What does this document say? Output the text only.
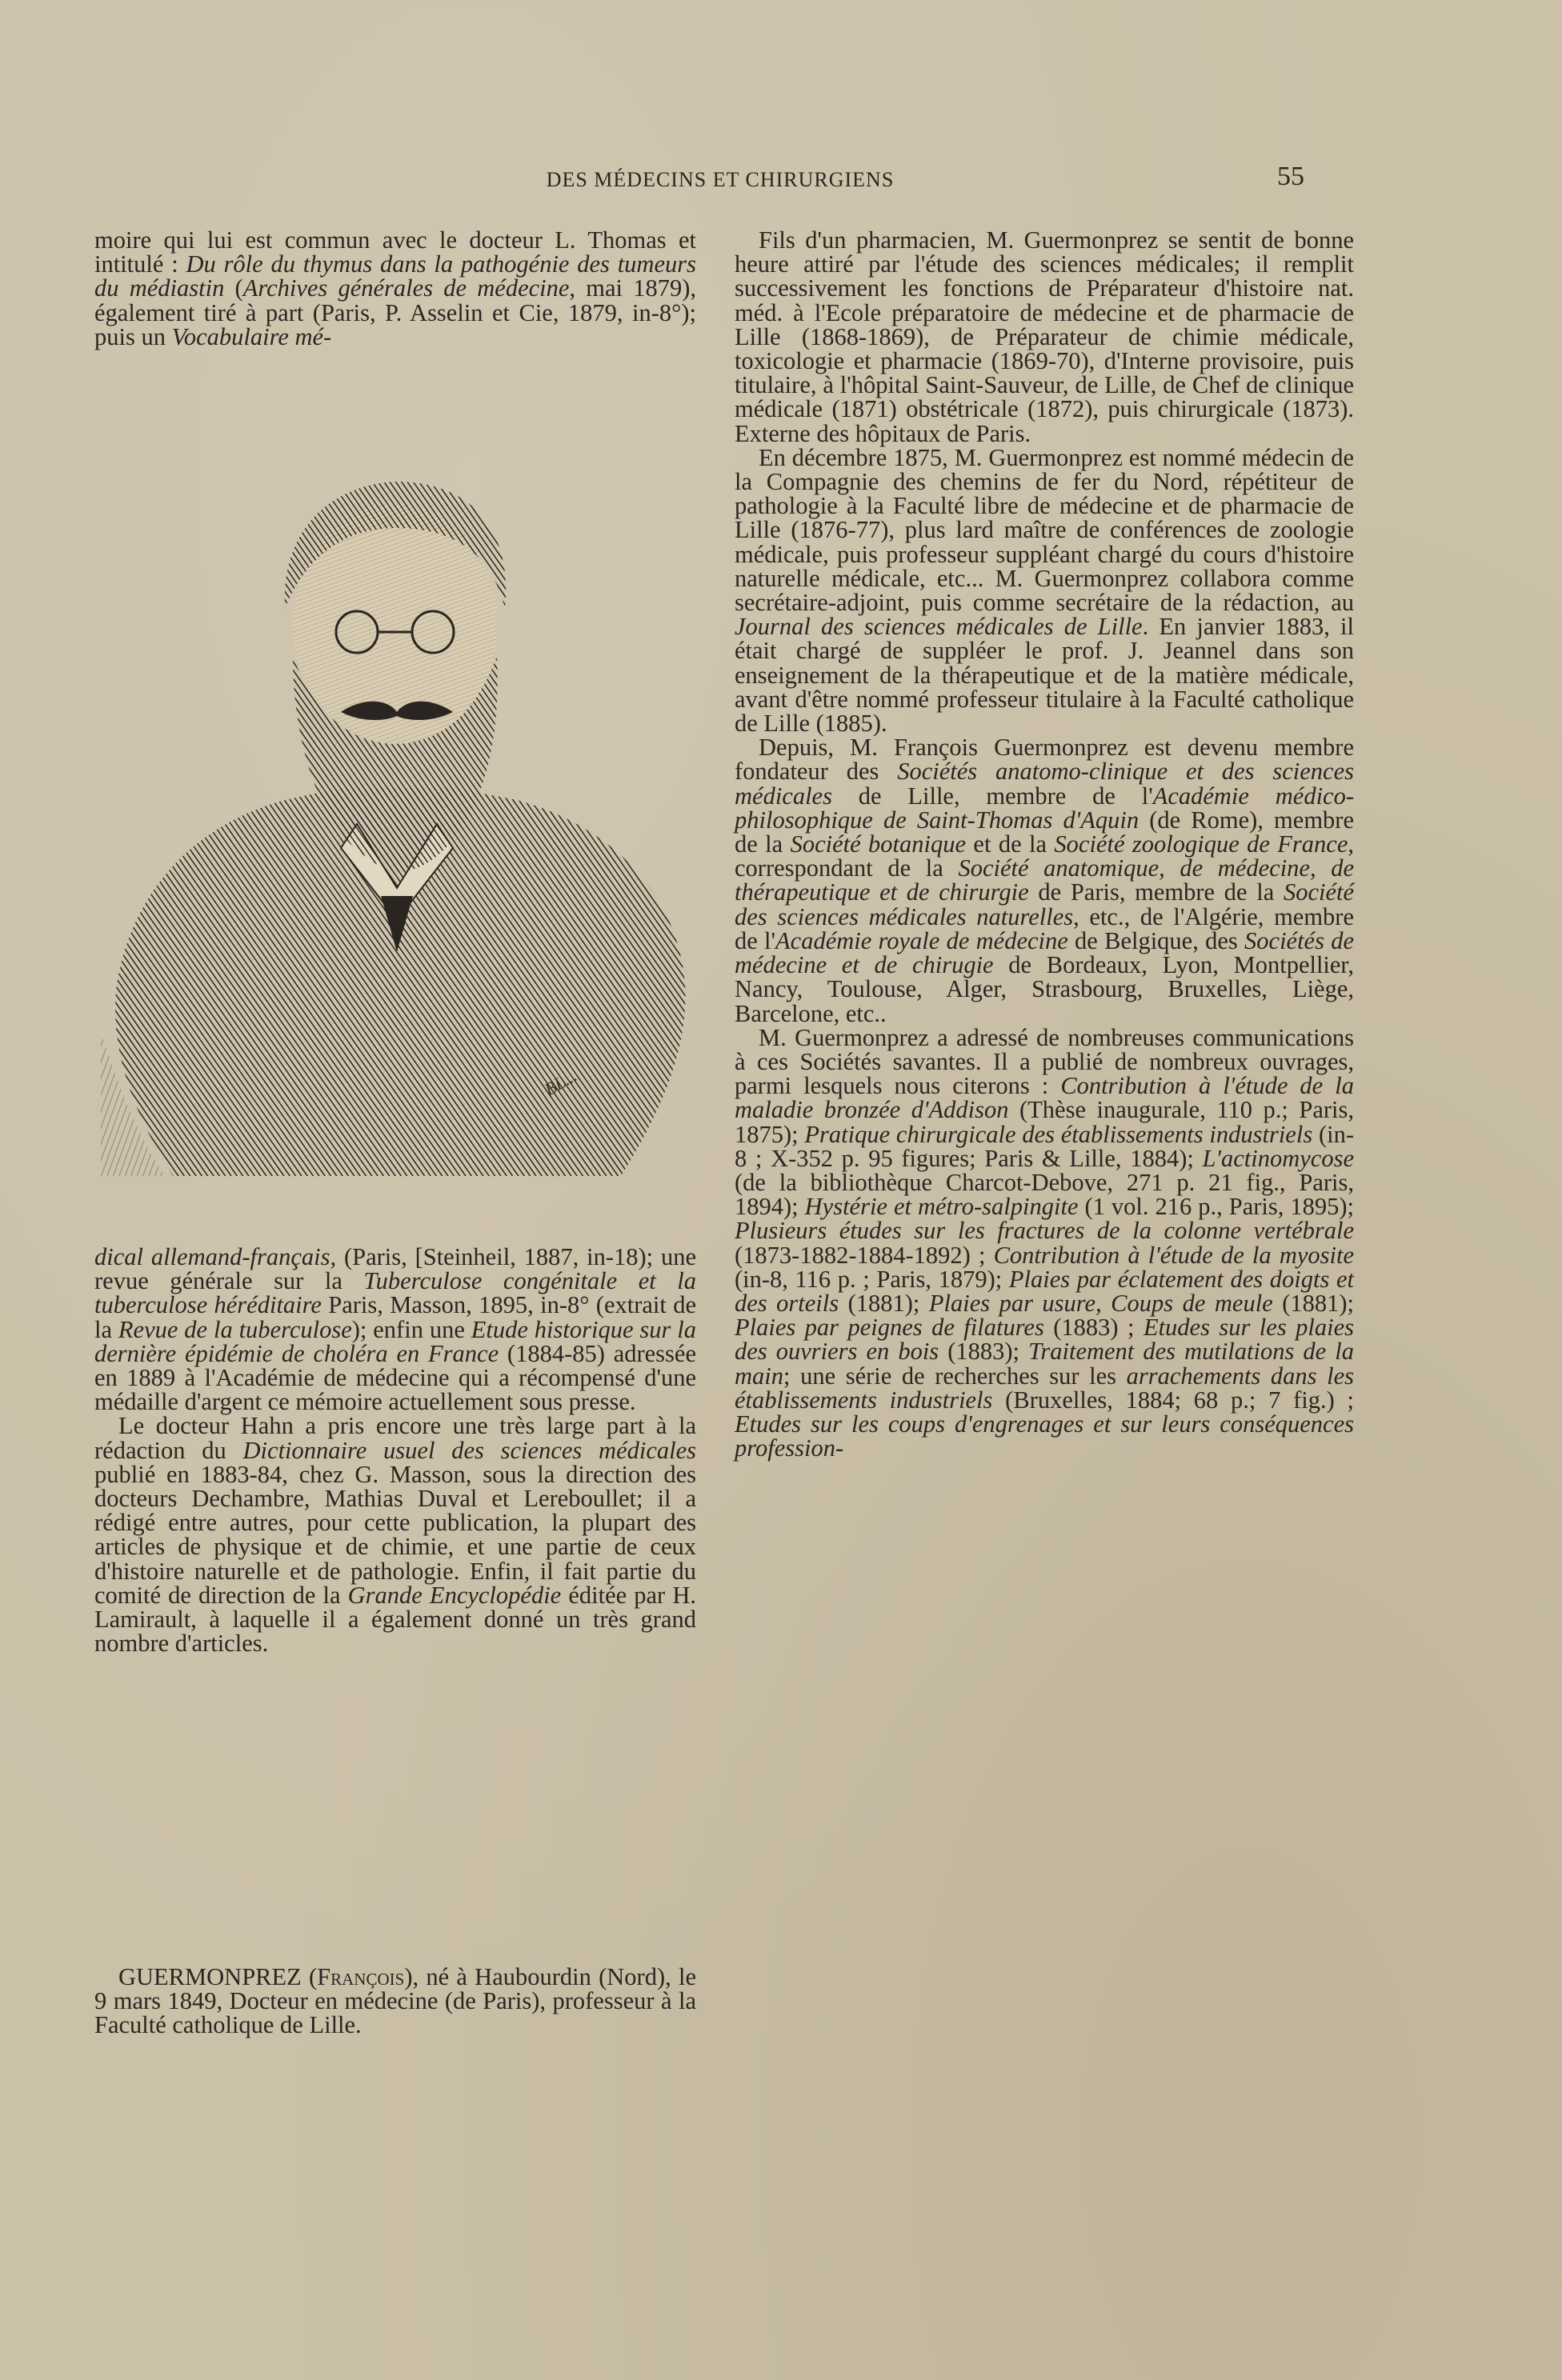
DES MÉDECINS ET CHIRURGIENS	55

moire qui lui est commun avec le docteur L. Thomas et intitulé : Du rôle du thymus dans la pathogénie des tumeurs du médiastin (Archives générales de médecine, mai 1879), également tiré à part (Paris, P. Asselin et Cie, 1879, in-8°); puis un Vocabulaire mé-

BL...

dical allemand-français, (Paris, [Steinheil, 1887, in-18); une revue générale sur la Tuberculose congénitale et la tuberculose héréditaire Paris, Masson, 1895, in-8° (extrait de la Revue de la tuberculose); enfin une Etude historique sur la dernière épidémie de choléra en France (1884-85) adressée en 1889 à l'Académie de médecine qui a récompensé d'une médaille d'argent ce mémoire actuellement sous presse.

Le docteur Hahn a pris encore une très large part à la rédaction du Dictionnaire usuel des sciences médicales publié en 1883-84, chez G. Masson, sous la direction des docteurs Dechambre, Mathias Duval et Lereboullet; il a rédigé entre autres, pour cette publication, la plupart des articles de physique et de chimie, et une partie de ceux d'histoire naturelle et de pathologie. Enfin, il fait partie du comité de direction de la Grande Encyclopédie éditée par H. Lamirault, à laquelle il a également donné un très grand nombre d'articles.

GUERMONPREZ (François), né à Haubourdin (Nord), le 9 mars 1849, Docteur en médecine (de Paris), professeur à la Faculté catholique de Lille.

Fils d'un pharmacien, M. Guermonprez se sentit de bonne heure attiré par l'étude des sciences médicales; il remplit successivement les fonctions de Préparateur d'histoire nat. méd. à l'Ecole préparatoire de médecine et de pharmacie de Lille (1868-1869), de Préparateur de chimie médicale, toxicologie et pharmacie (1869-70), d'Interne provisoire, puis titulaire, à l'hôpital Saint-Sauveur, de Lille, de Chef de clinique médicale (1871) obstétricale (1872), puis chirurgicale (1873). Externe des hôpitaux de Paris.

En décembre 1875, M. Guermonprez est nommé médecin de la Compagnie des chemins de fer du Nord, répétiteur de pathologie à la Faculté libre de médecine et de pharmacie de Lille (1876-77), plus lard maître de conférences de zoologie médicale, puis professeur suppléant chargé du cours d'histoire naturelle médicale, etc... M. Guermonprez collabora comme secrétaire-adjoint, puis comme secrétaire de la rédaction, au Journal des sciences médicales de Lille. En janvier 1883, il était chargé de suppléer le prof. J. Jeannel dans son enseignement de la thérapeutique et de la matière médicale, avant d'être nommé professeur titulaire à la Faculté catholique de Lille (1885).

Depuis, M. François Guermonprez est devenu membre fondateur des Sociétés anatomo-clinique et des sciences médicales de Lille, membre de l'Académie médico-philosophique de Saint-Thomas d'Aquin (de Rome), membre de la Société botanique et de la Société zoologique de France, correspondant de la Société anatomique, de médecine, de thérapeutique et de chirurgie de Paris, membre de la Société des sciences médicales naturelles, etc., de l'Algérie, membre de l'Académie royale de médecine de Belgique, des Sociétés de médecine et de chirugie de Bordeaux, Lyon, Montpellier, Nancy, Toulouse, Alger, Strasbourg, Bruxelles, Liège, Barcelone, etc..

M. Guermonprez a adressé de nombreuses communications à ces Sociétés savantes. Il a publié de nombreux ouvrages, parmi lesquels nous citerons : Contribution à l'étude de la maladie bronzée d'Addison (Thèse inaugurale, 110 p.; Paris, 1875); Pratique chirurgicale des établissements industriels (in-8 ; X-352 p. 95 figures; Paris & Lille, 1884); L'actinomycose (de la bibliothèque Charcot-Debove, 271 p. 21 fig., Paris, 1894); Hystérie et métro-salpingite (1 vol. 216 p., Paris, 1895); Plusieurs études sur les fractures de la colonne vertébrale (1873-1882-1884-1892) ; Contribution à l'étude de la myosite (in-8, 116 p. ; Paris, 1879); Plaies par éclatement des doigts et des orteils (1881); Plaies par usure, Coups de meule (1881); Plaies par peignes de filatures (1883) ; Etudes sur les plaies des ouvriers en bois (1883); Traitement des mutilations de la main; une série de recherches sur les arrachements dans les établissements industriels (Bruxelles, 1884; 68 p.; 7 fig.) ; Etudes sur les coups d'engrenages et sur leurs conséquences profession-
